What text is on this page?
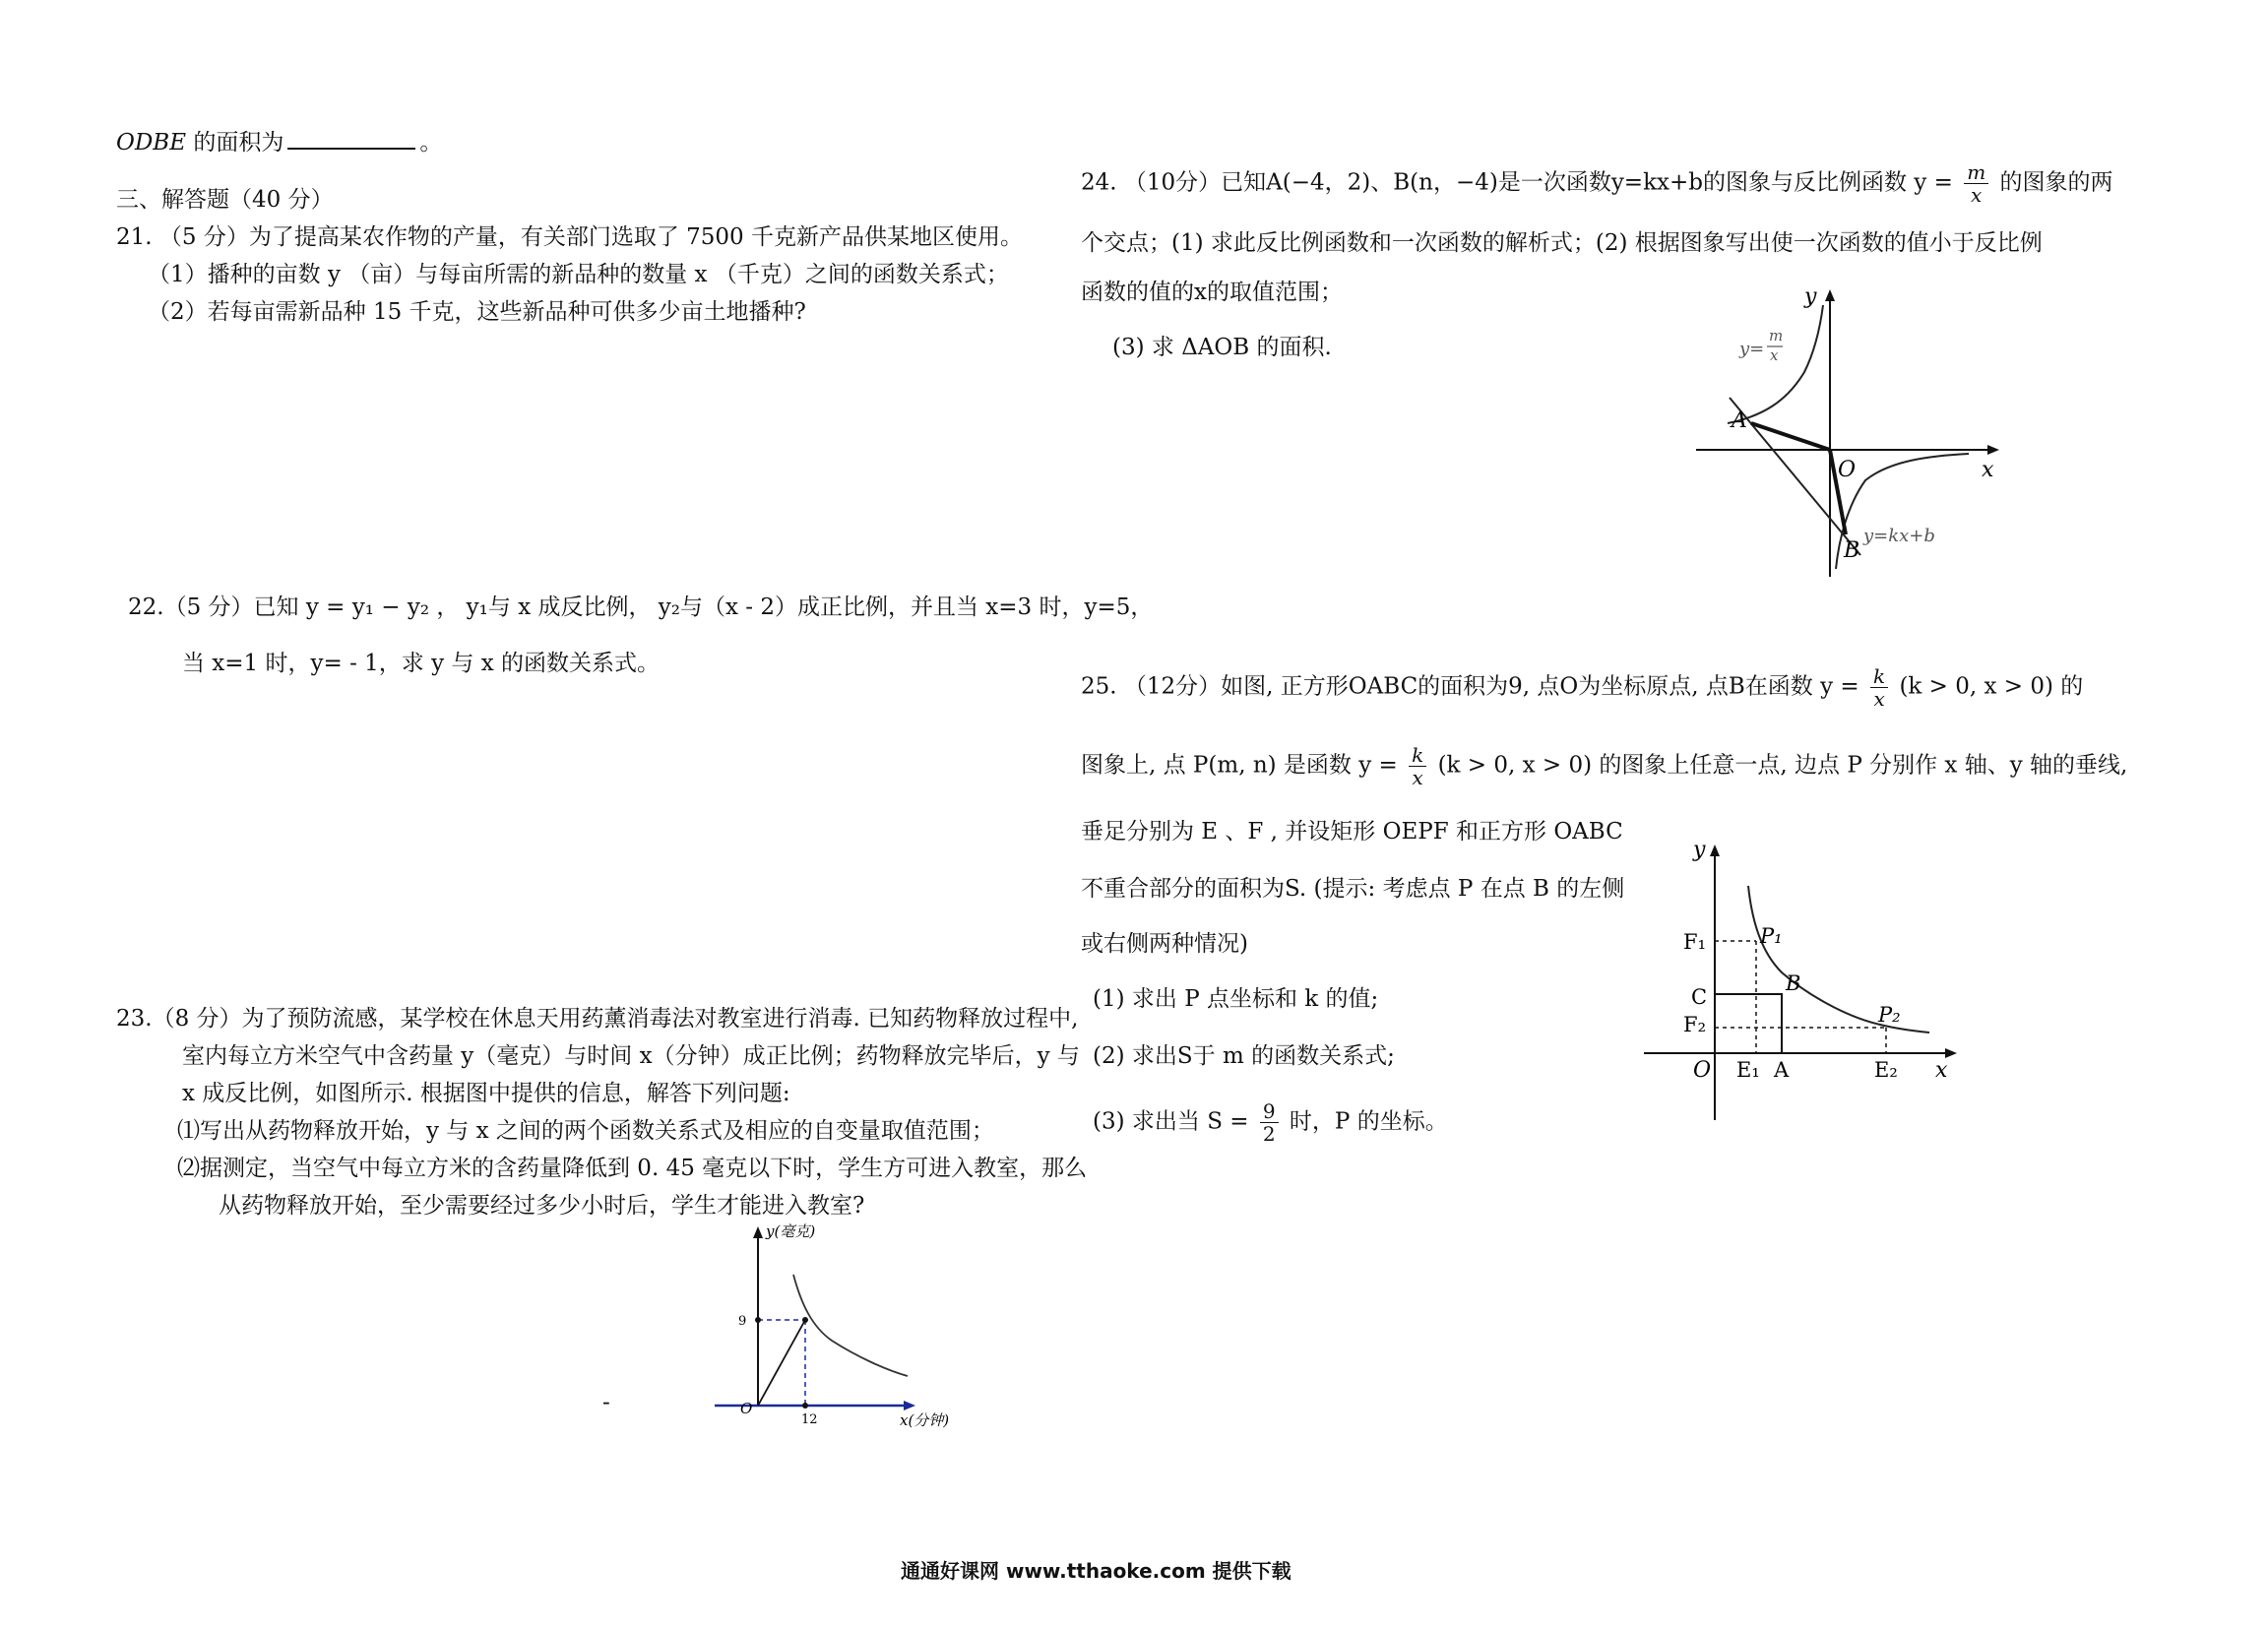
ODBE 的面积为	。
三、解答题（40 分）
21. （5 分）为了提高某农作物的产量，有关部门选取了 7500 千克新产品供某地区使用。
（1）播种的亩数 y （亩）与每亩所需的新品种的数量 x （千克）之间的函数关系式；
（2）若每亩需新品种 15 千克，这些新品种可供多少亩土地播种?
22.（5 分）已知 y = y₁ − y₂ ， y₁与 x 成反比例， y₂与（x - 2）成正比例，并且当 x=3 时，y=5，
当 x=1 时，y= - 1，求 y 与 x 的函数关系式。
23.（8 分）为了预防流感，某学校在休息天用药薰消毒法对教室进行消毒. 已知药物释放过程中,
室内每立方米空气中含药量 y（毫克）与时间 x（分钟）成正比例；药物释放完毕后，y 与
x 成反比例，如图所示. 根据图中提供的信息，解答下列问题:
⑴写出从药物释放开始，y 与 x 之间的两个函数关系式及相应的自变量取值范围；
⑵据测定，当空气中每立方米的含药量降低到 0. 45 毫克以下时，学生方可进入教室，那么
从药物释放开始，至少需要经过多少小时后，学生才能进入教室?
-
y(毫克)
x(分钟)
O
9
12
24. （10分）已知A(−4，2)、B(n，−4)是一次函数y=kx+b的图象与反比例函数 $y = \frac{m}{x}$ 的图象的两
个交点；(1) 求此反比例函数和一次函数的解析式；(2) 根据图象写出使一次函数的值小于反比例
函数的值的x的取值范围；
(3) 求 ΔAOB 的面积.
y
x
O
y=
m
x
A
B
y=kx+b
25. （12分）如图, 正方形OABC的面积为9, 点O为坐标原点, 点B在函数 $y = \frac{k}{x} (k > 0$, x > 0) 的
图象上, 点 P(m, n) 是函数 $y = \frac{k}{x} (k > 0$, x > 0) 的图象上任意一点, 边点 P 分别作 x 轴、y 轴的垂线,
垂足分别为 E 、F , 并设矩形 OEPF 和正方形 OABC
不重合部分的面积为S. (提示: 考虑点 P 在点 B 的左侧
或右侧两种情况)
(1) 求出 P 点坐标和 k 的值;
(2) 求出S于 m 的函数关系式;
(3) 求出当 $S = \frac{9}{2}$ 时，P 的坐标。
y
x
O
F₁	P₁
C
B
F₂	P₂
E₁ A	E₂
通通好课网 www.tthaoke.com 提供下载
